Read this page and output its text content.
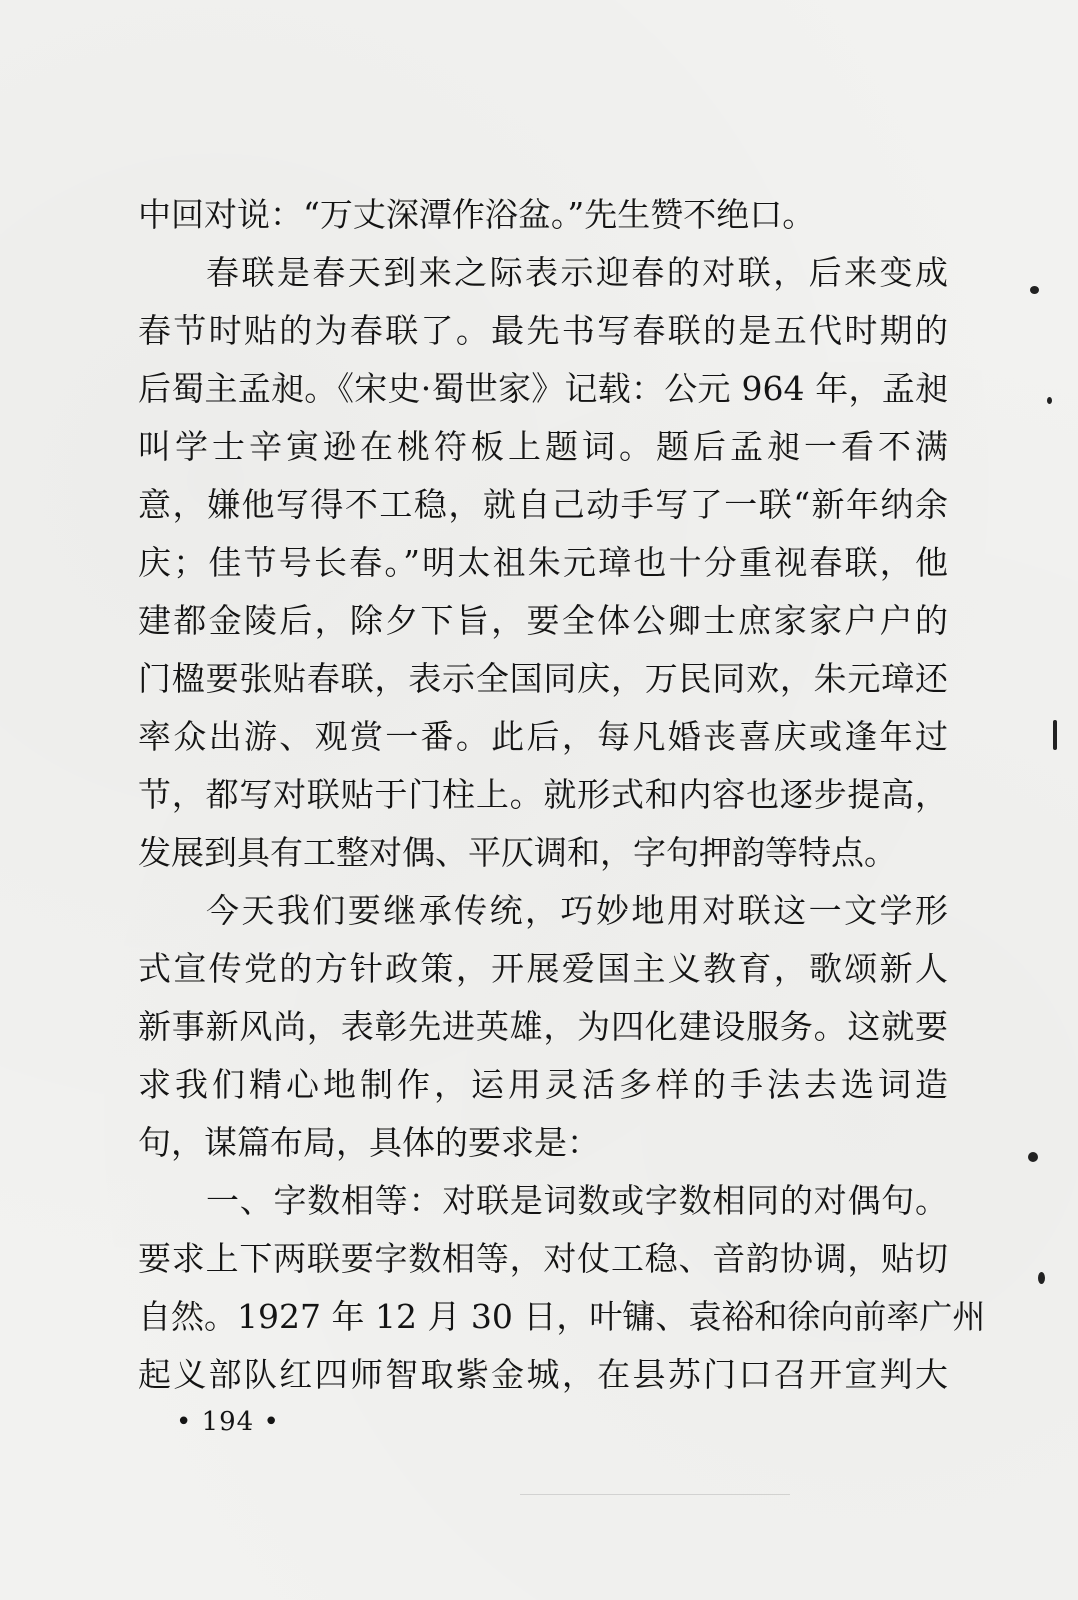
中回对说：“万丈深潭作浴盆。”先生赞不绝口。
春联是春天到来之际表示迎春的对联，后来变成
春节时贴的为春联了。最先书写春联的是五代时期的
后蜀主孟昶。《宋史·蜀世家》记载：公元 964 年，孟昶
叫学士辛寅逊在桃符板上题词。题后孟昶一看不满
意，嫌他写得不工稳，就自己动手写了一联“新年纳余
庆；佳节号长春。”明太祖朱元璋也十分重视春联，他
建都金陵后，除夕下旨，要全体公卿士庶家家户户的
门楹要张贴春联，表示全国同庆，万民同欢，朱元璋还
率众出游、观赏一番。此后，每凡婚丧喜庆或逢年过
节，都写对联贴于门柱上。就形式和内容也逐步提高，
发展到具有工整对偶、平仄调和，字句押韵等特点。
今天我们要继承传统，巧妙地用对联这一文学形
式宣传党的方针政策，开展爱国主义教育，歌颂新人
新事新风尚，表彰先进英雄，为四化建设服务。这就要
求我们精心地制作，运用灵活多样的手法去选词造
句，谋篇布局，具体的要求是：
一、字数相等：对联是词数或字数相同的对偶句。
要求上下两联要字数相等，对仗工稳、音韵协调，贴切
自然。1927 年 12 月 30 日，叶镛、袁裕和徐向前率广州
起义部队红四师智取紫金城，在县苏门口召开宣判大
• 194 •
